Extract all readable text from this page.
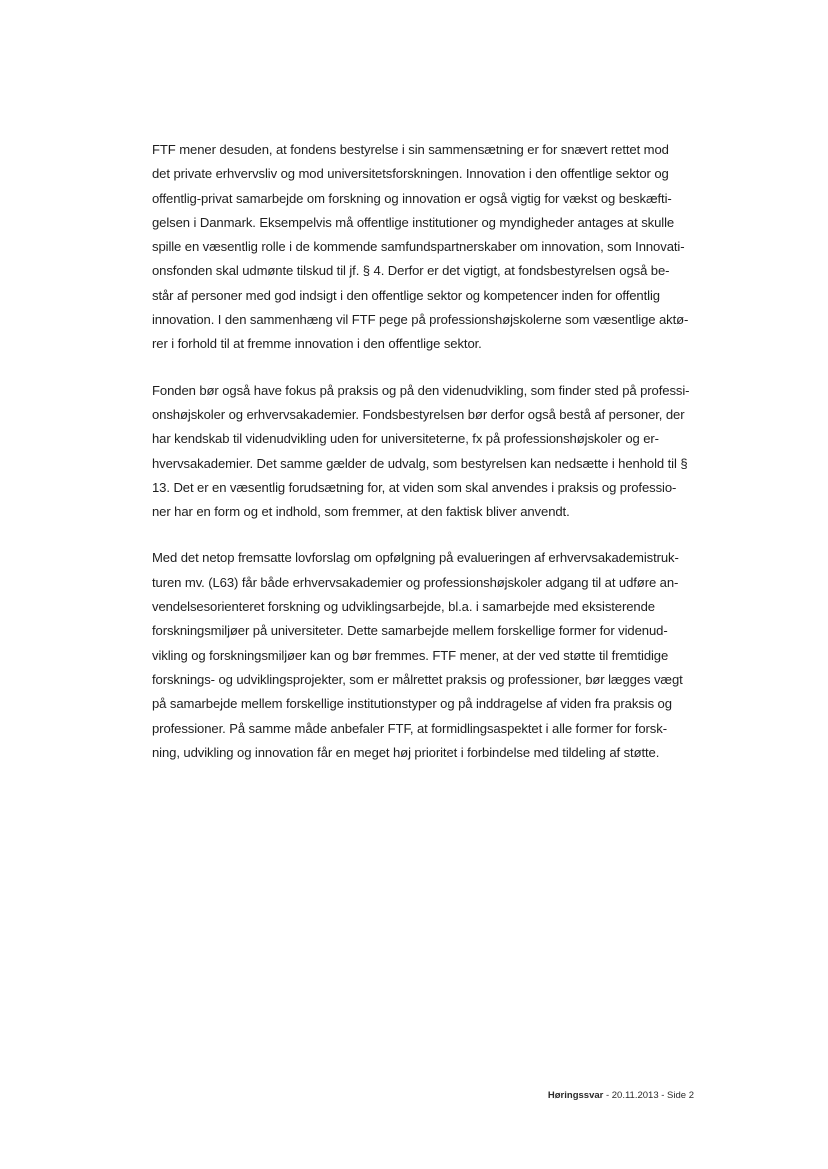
FTF mener desuden, at fondens bestyrelse i sin sammensætning er for snævert rettet mod
det private erhvervsliv og mod universitetsforskningen. Innovation i den offentlige sektor og
offentlig-privat samarbejde om forskning og innovation er også vigtig for vækst og beskæfti-
gelsen i Danmark. Eksempelvis må offentlige institutioner og myndigheder antages at skulle
spille en væsentlig rolle i de kommende samfundspartnerskaber om innovation, som Innovati-
onsfonden skal udmønte tilskud til jf. § 4. Derfor er det vigtigt, at fondsbestyrelsen også be-
står af personer med god indsigt i den offentlige sektor og kompetencer inden for offentlig
innovation. I den sammenhæng vil FTF pege på professionshøjskolerne som væsentlige aktø-
rer i forhold til at fremme innovation i den offentlige sektor.

Fonden bør også have fokus på praksis og på den videnudvikling, som finder sted på professi-
onshøjskoler og erhvervsakademier. Fondsbestyrelsen bør derfor også bestå af personer, der
har kendskab til videnudvikling uden for universiteterne, fx på professionshøjskoler og er-
hvervsakademier. Det samme gælder de udvalg, som bestyrelsen kan nedsætte i henhold til §
13. Det er en væsentlig forudsætning for, at viden som skal anvendes i praksis og professio-
ner har en form og et indhold, som fremmer, at den faktisk bliver anvendt.

Med det netop fremsatte lovforslag om opfølgning på evalueringen af erhvervsakademistruk-
turen mv. (L63) får både erhvervsakademier og professionshøjskoler adgang til at udføre an-
vendelsesorienteret forskning og udviklingsarbejde, bl.a. i samarbejde med eksisterende
forskningsmiljøer på universiteter. Dette samarbejde mellem forskellige former for videnud-
vikling og forskningsmiljøer kan og bør fremmes. FTF mener, at der ved støtte til fremtidige
forsknings- og udviklingsprojekter, som er målrettet praksis og professioner, bør lægges vægt
på samarbejde mellem forskellige institutionstyper og på inddragelse af viden fra praksis og
professioner. På samme måde anbefaler FTF, at formidlingsaspektet i alle former for forsk-
ning, udvikling og innovation får en meget høj prioritet i forbindelse med tildeling af støtte.

Høringssvar - 20.11.2013 - Side 2
